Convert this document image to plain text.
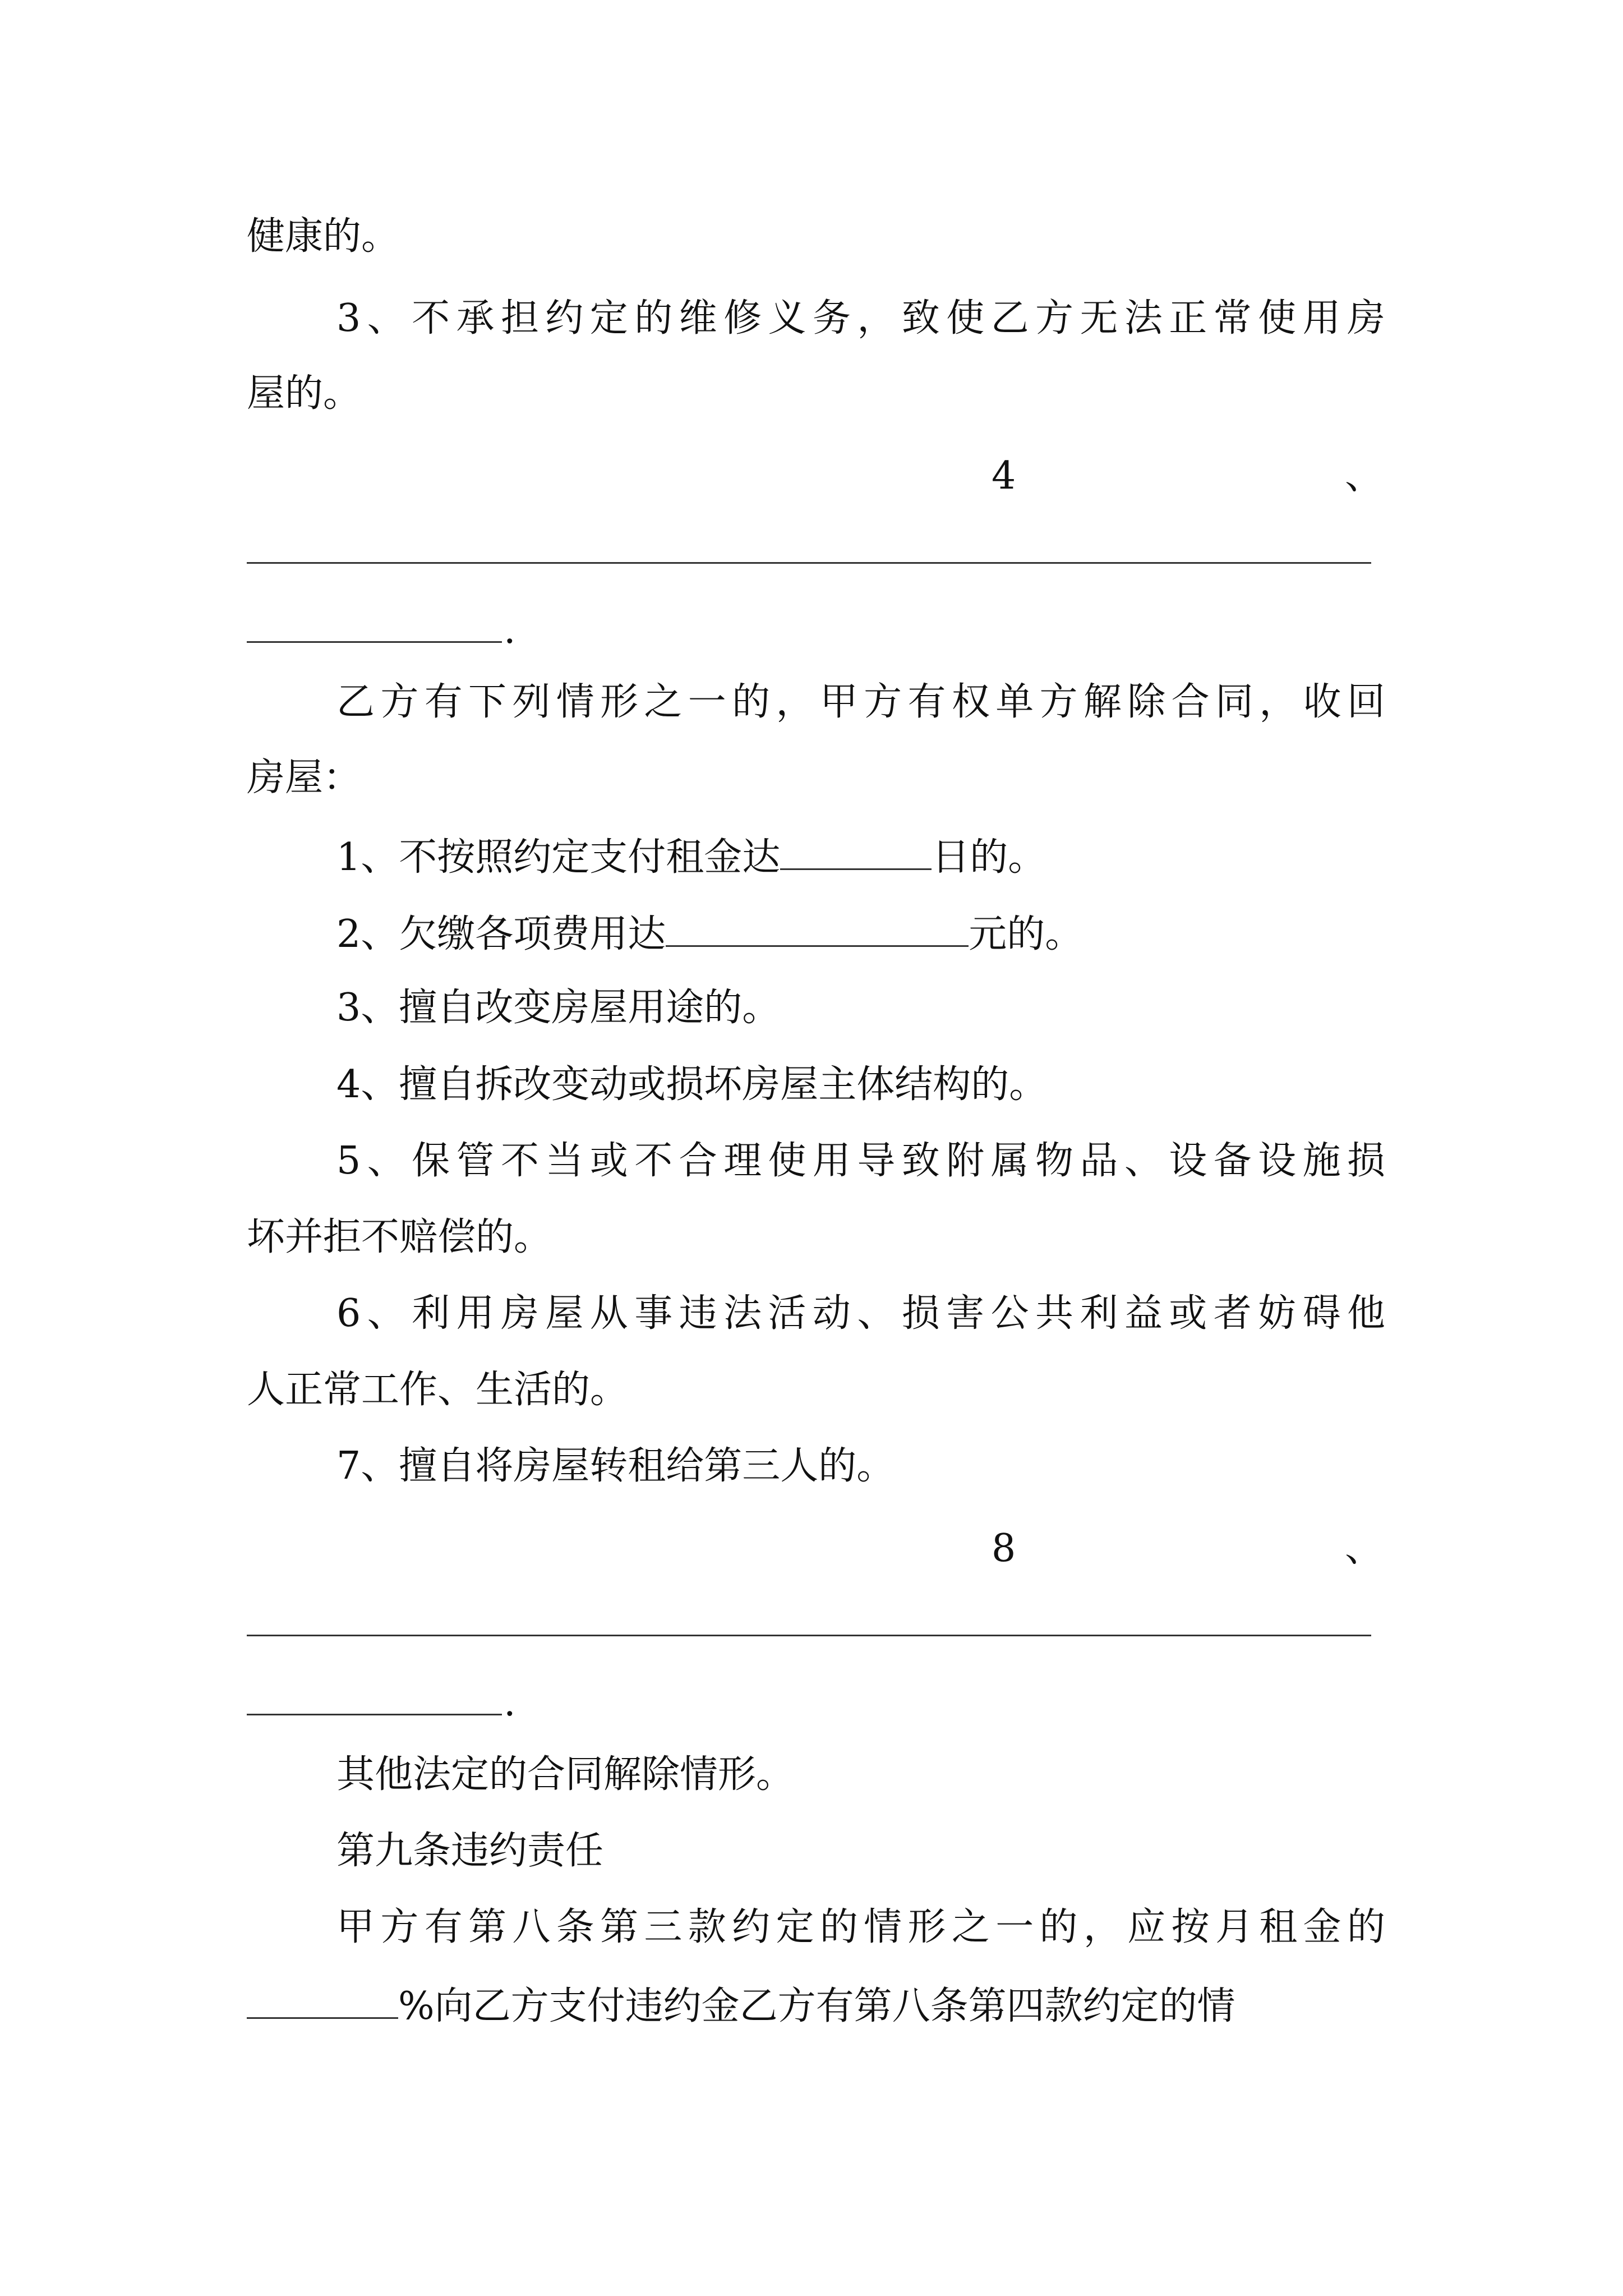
健康的。
3、不承担约定的维修义务，致使乙方无法正常使用房
屋的。
4	、
.
乙方有下列情形之一的，甲方有权单方解除合同，收回
房屋：
1、不按照约定支付租金达	日的。
2、欠缴各项费用达	元的。
3、擅自改变房屋用途的。
4、擅自拆改变动或损坏房屋主体结构的。
5、保管不当或不合理使用导致附属物品、设备设施损
坏并拒不赔偿的。
6、利用房屋从事违法活动、损害公共利益或者妨碍他
人正常工作、生活的。
7、擅自将房屋转租给第三人的。
8	、
.
其他法定的合同解除情形。
第九条违约责任
甲方有第八条第三款约定的情形之一的，应按月租金的
%向乙方支付违约金乙方有第八条第四款约定的情
